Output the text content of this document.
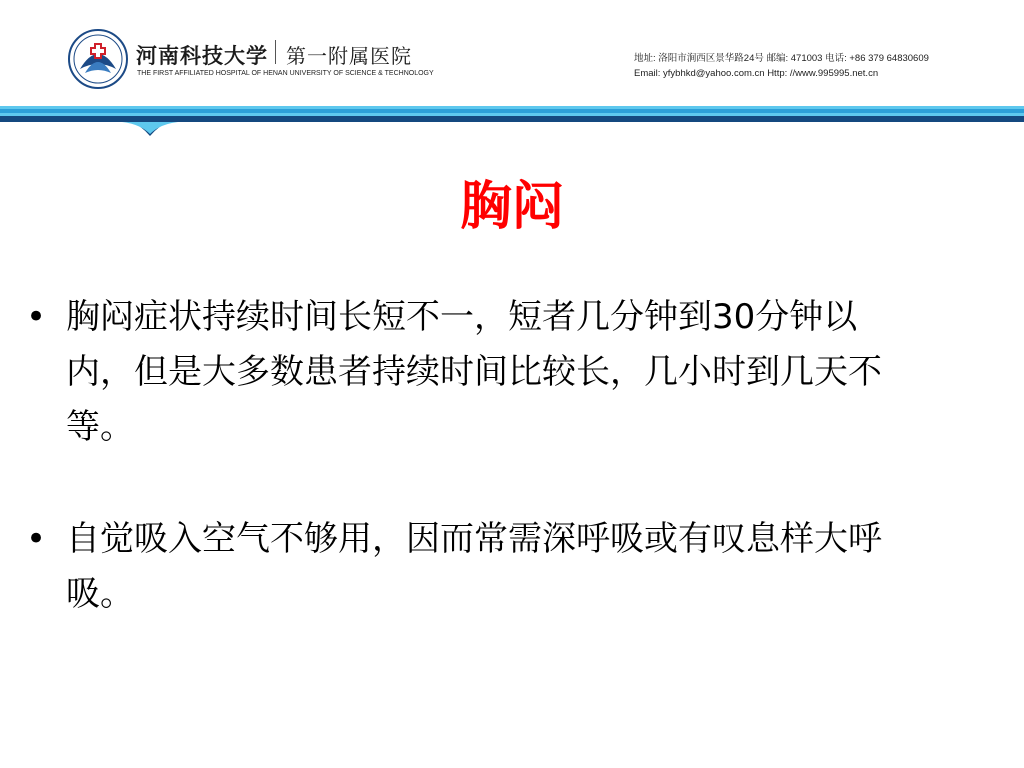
河南科技大学 第一附属医院
THE FIRST AFFILIATED HOSPITAL OF HENAN UNIVERSITY OF SCIENCE & TECHNOLOGY
地址: 洛阳市涧西区景华路24号 邮编: 471003 电话: +86 379 64830609
Email: yfybhkd@yahoo.com.cn Http: //www.995995.net.cn
胸闷
• 胸闷症状持续时间长短不一，短者几分钟到30分钟以内，但是大多数患者持续时间比较长，几小时到几天不等。
• 自觉吸入空气不够用，因而常需深呼吸或有叹息样大呼吸。
